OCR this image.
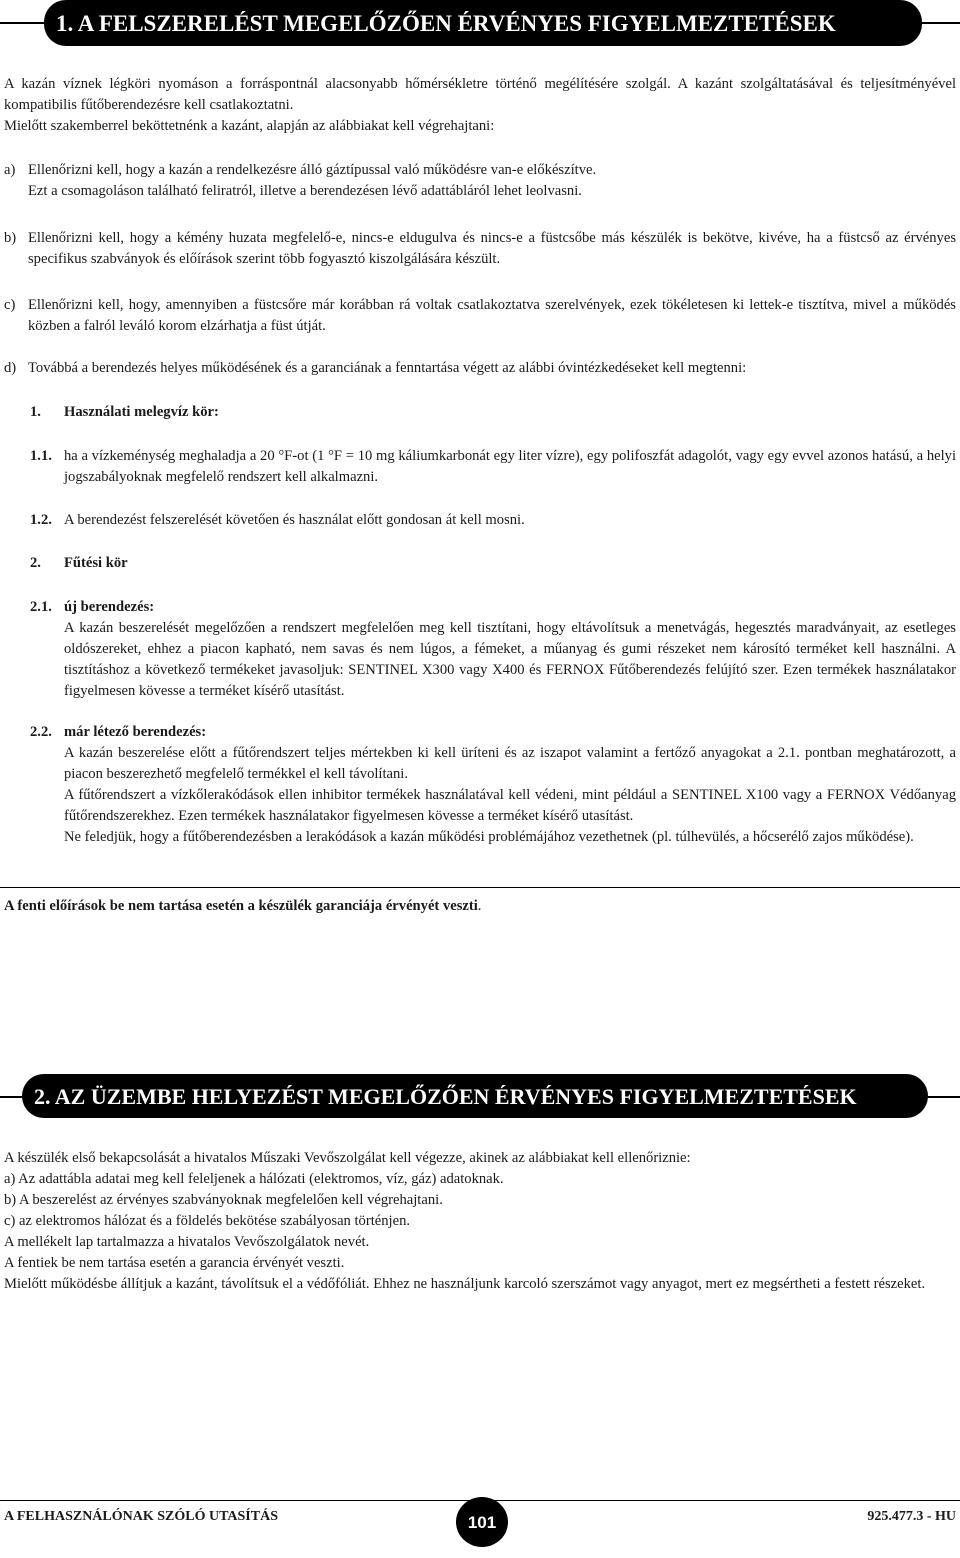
1. A FELSZERELÉST MEGELŐZŐEN ÉRVÉNYES FIGYELMEZTETÉSEK

A kazán víznek légköri nyomáson a forráspontnál alacsonyabb hőmérsékletre történő megélítésére szolgál. A kazánt szolgáltatásával és teljesítményével kompatibilis fűtőberendezésre kell csatlakoztatni.

Mielőtt szakemberrel beköttetnénk a kazánt, alapján az alábbiakat kell végrehajtani:

a) Ellenőrizni kell, hogy a kazán a rendelkezésre álló gáztípussal való működésre van-e előkészítve.

Ezt a csomagoláson található feliratról, illetve a berendezésen lévő adattábláról lehet leolvasni.

b) Ellenőrizni kell, hogy a kémény huzata megfelelő-e, nincs-e eldugulva és nincs-e a füstcsőbe más készülék is bekötve, kivéve, ha a füstcső az érvényes specifikus szabványok és előírások szerint több fogyasztó kiszolgálására készült.
c) Ellenőrizni kell, hogy, amennyiben a füstcsőre már korábban rá voltak csatlakoztatva szerelvények, ezek tökéletesen ki lettek-e tisztítva, mivel a működés közben a falról leváló korom elzárhatja a füst útját.
d) Továbbá a berendezés helyes működésének és a garanciának a fenntartása végett az alábbi óvintézkedéseket kell megtenni:
1.	Használati melegvíz kör:
1.1. ha a vízkeménység meghaladja a 20 °F-ot (1 °F = 10 mg káliumkarbonát egy liter vízre), egy polifoszfát adagolót, vagy egy evvel azonos hatású, a helyi jogszabályoknak megfelelő rendszert kell alkalmazni.
1.2. A berendezést felszerelését követően és használat előtt gondosan át kell mosni.
2.	Fűtési kör
2.1. új berendezés:

A kazán beszerelését megelőzően a rendszert megfelelően meg kell tisztítani, hogy eltávolítsuk a menetvágás, hegesztés maradványait, az esetleges oldószereket, ehhez a piacon kapható, nem savas és nem lúgos, a fémeket, a műanyag és gumi részeket nem károsító terméket kell használni. A tisztításhoz a következő termékeket javasoljuk: SENTINEL X300 vagy X400 és FERNOX Fűtőberendezés felújító szer. Ezen termékek használatakor figyelmesen kövesse a terméket kísérő utasítást.

2.2. már létező berendezés:

A kazán beszerelése előtt a fűtőrendszert teljes mértekben ki kell üríteni és az iszapot valamint a fertőző anyagokat a 2.1. pontban meghatározott, a piacon beszerezhető megfelelő termékkel el kell távolítani.

A fűtőrendszert a vízkőlerakódások ellen inhibitor termékek használatával kell védeni, mint például a SENTINEL X100 vagy a FERNOX Védőanyag fűtőrendszerekhez. Ezen termékek használatakor figyelmesen kövesse a terméket kísérő utasítást.

Ne feledjük, hogy a fűtőberendezésben a lerakódások a kazán működési problémájához vezethetnek (pl. túlhevülés, a hőcserélő zajos működése).

A fenti előírások be nem tartása esetén a készülék garanciája érvényét veszti.

2. AZ ÜZEMBE HELYEZÉST MEGELŐZŐEN ÉRVÉNYES FIGYELMEZTETÉSEK

A készülék első bekapcsolását a hivatalos Műszaki Vevőszolgálat kell végezze, akinek az alábbiakat kell ellenőriznie:

a) Az adattábla adatai meg kell feleljenek a hálózati (elektromos, víz, gáz) adatoknak.

b) A beszerelést az érvényes szabványoknak megfelelően kell végrehajtani.

c) az elektromos hálózat és a földelés bekötése szabályosan történjen.

A mellékelt lap tartalmazza a hivatalos Vevőszolgálatok nevét.

A fentiek be nem tartása esetén a garancia érvényét veszti.

Mielőtt működésbe állítjuk a kazánt, távolítsuk el a védőfóliát. Ehhez ne használjunk karcoló szerszámot vagy anyagot, mert ez megsértheti a festett részeket.

A FELHASZNÁLÓNAK SZÓLÓ UTASÍTÁS	925.477.3 - HU
101
